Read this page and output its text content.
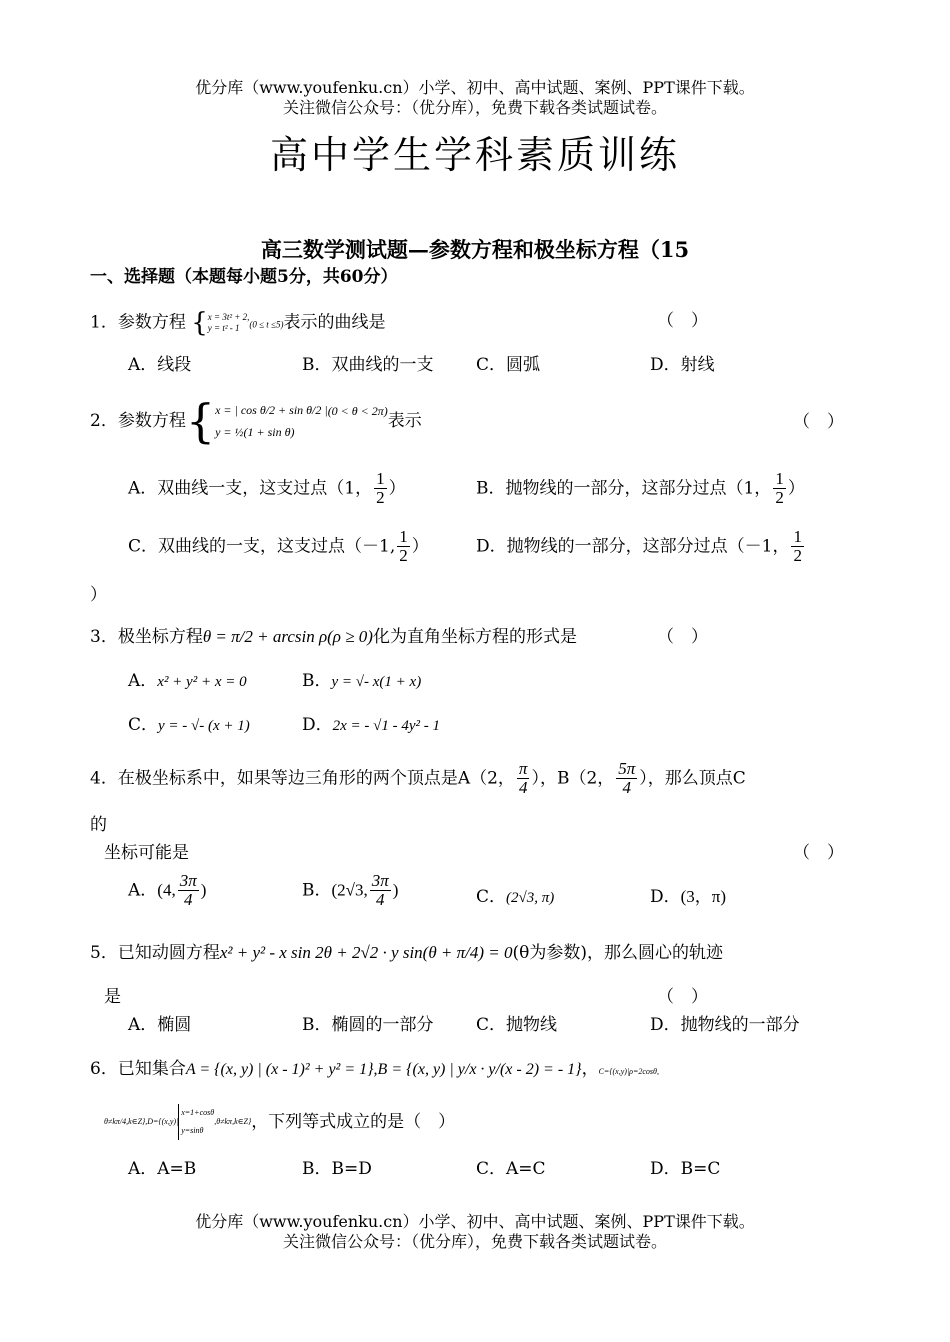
优分库（www.youfenku.cn）小学、初中、高中试题、案例、PPT课件下载。
关注微信公众号：（优分库），免费下载各类试题试卷。
高中学生学科素质训练
高三数学测试题—参数方程和极坐标方程（15
一、选择题（本题每小题5分，共60分）
1．参数方程 { x = 3t² + 2,
y = t² - 1	(0 ≤ t ≤5)表示的曲线是	（　）
A．线段	B．双曲线的一支	C．圆弧	D．射线
2．参数方程{ x = | cos θ/2 + sin θ/2 |
y = ½(1 + sin θ)
(0 < θ < 2π)表示	（　）
A．双曲线一支，这支过点（1， $\frac{1}{2}$ ）	B．抛物线的一部分，这部分过点（1， $\frac{1}{2}$ ）
C．双曲线的一支，这支过点（－1, $\frac{1}{2}$ ）	D．抛物线的一部分，这部分过点（－1， $\frac{1}{2}$
）
3．极坐标方程θ = π/2 + arcsin ρ(ρ ≥ 0)化为直角坐标方程的形式是	（　）
A．x² + y² + x = 0	B．y = √- x(1 + x)
C．y = - √- (x + 1)	D．2x = - √1 - 4y² - 1
4．在极坐标系中，如果等边三角形的两个顶点是A（2， $\frac{\pi}{4}$ ），B（2， $\frac{5\pi}{4}$ ），那么顶点C
的
坐标可能是	（　）
A．(4, $\frac{3\pi}{4}$ )	B．(2√3, $\frac{3\pi}{4}$ )	C．(2√3, π)	D．(3，π)
5．已知动圆方程x² + y² - x sin 2θ + 2√2 · y sin(θ + π/4) = 0(θ为参数)，那么圆心的轨迹
是	（　）
A．椭圆	B．椭圆的一部分	C．抛物线	D．抛物线的一部分
6．已知集合A = {(x, y) | (x - 1)² + y² = 1},B = {(x, y) | y/x · y/(x - 2) = - 1}，C={(x,y)|ρ=2cosθ,
θ≠kπ/4,k∈Z},D={(x,y)|
x=1+cosθ
y=sinθ
,θ≠kπ,k∈Z}，下列等式成立的是（　）
A．A=B	B．B=D	C．A=C	D．B=C
优分库（www.youfenku.cn）小学、初中、高中试题、案例、PPT课件下载。
关注微信公众号：（优分库），免费下载各类试题试卷。
